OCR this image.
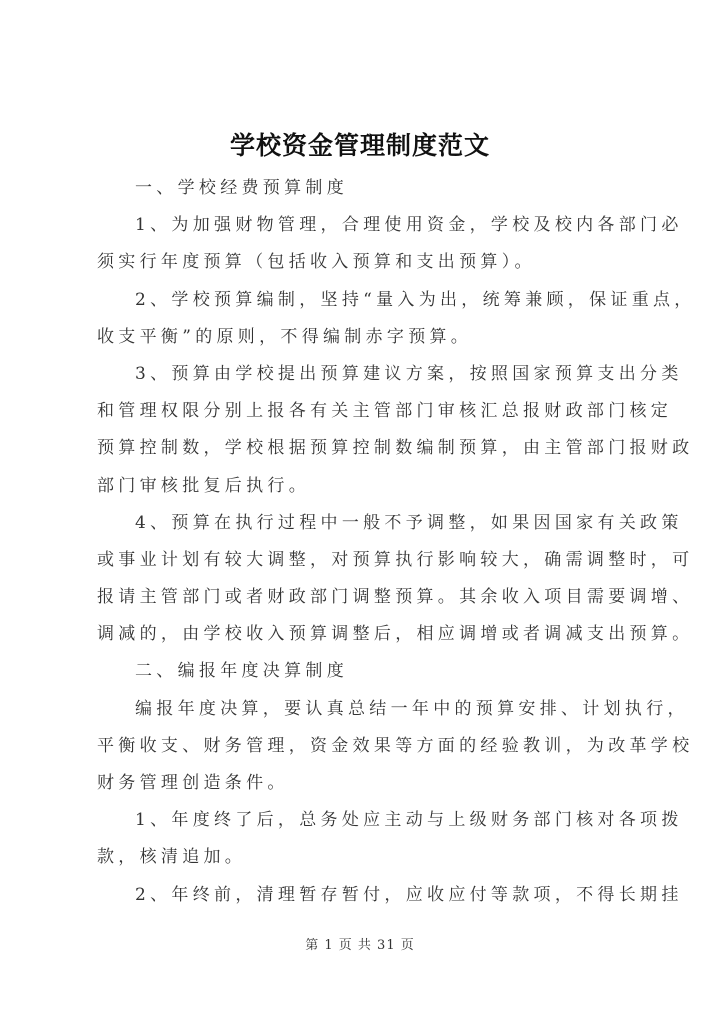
学校资金管理制度范文
一、学校经费预算制度
1、为加强财物管理，合理使用资金，学校及校内各部门必
须实行年度预算（包括收入预算和支出预算）。
2、学校预算编制，坚持“量入为出，统筹兼顾，保证重点，
收支平衡”的原则，不得编制赤字预算。
3、预算由学校提出预算建议方案，按照国家预算支出分类
和管理权限分别上报各有关主管部门审核汇总报财政部门核定
预算控制数，学校根据预算控制数编制预算，由主管部门报财政
部门审核批复后执行。
4、预算在执行过程中一般不予调整，如果因国家有关政策
或事业计划有较大调整，对预算执行影响较大，确需调整时，可
报请主管部门或者财政部门调整预算。其余收入项目需要调增、
调减的，由学校收入预算调整后，相应调增或者调减支出预算。
二、编报年度决算制度
编报年度决算，要认真总结一年中的预算安排、计划执行，
平衡收支、财务管理，资金效果等方面的经验教训，为改革学校
财务管理创造条件。
1、年度终了后，总务处应主动与上级财务部门核对各项拨
款，核清追加。
2、年终前，清理暂存暂付，应收应付等款项，不得长期挂
第 1 页 共 31 页
